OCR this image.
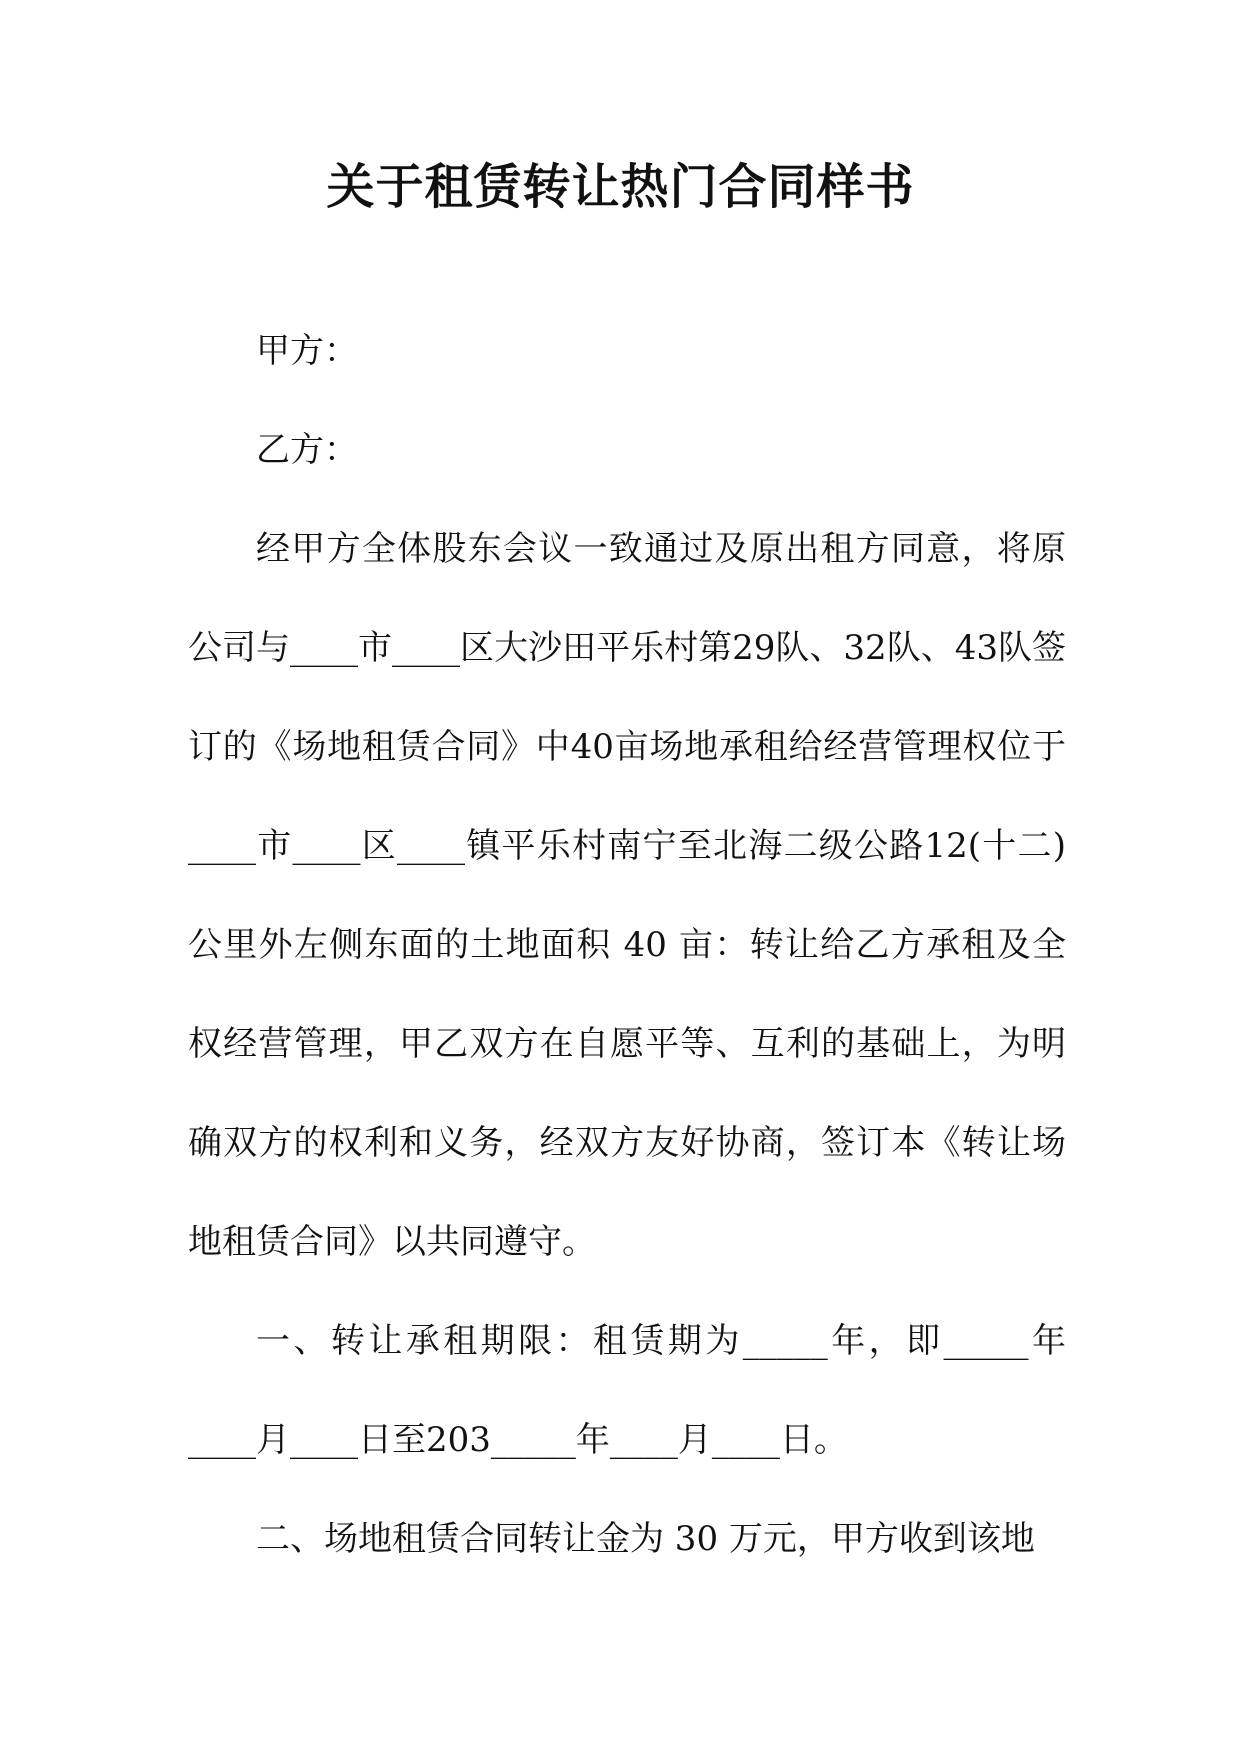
关于租赁转让热门合同样书

甲方：

乙方：

经甲方全体股东会议一致通过及原出租方同意，将原公司与____市____区大沙田平乐村第29队、32队、43队签订的《场地租赁合同》中40亩场地承租给经营管理权位于____市____区____镇平乐村南宁至北海二级公路12(十二)公里外左侧东面的土地面积 40 亩：转让给乙方承租及全权经营管理，甲乙双方在自愿平等、互利的基础上，为明确双方的权利和义务，经双方友好协商，签订本《转让场地租赁合同》以共同遵守。

一、转让承租期限：租赁期为_____年，即_____年____月____日至203_____年____月____日。

二、场地租赁合同转让金为 30 万元，甲方收到该地
